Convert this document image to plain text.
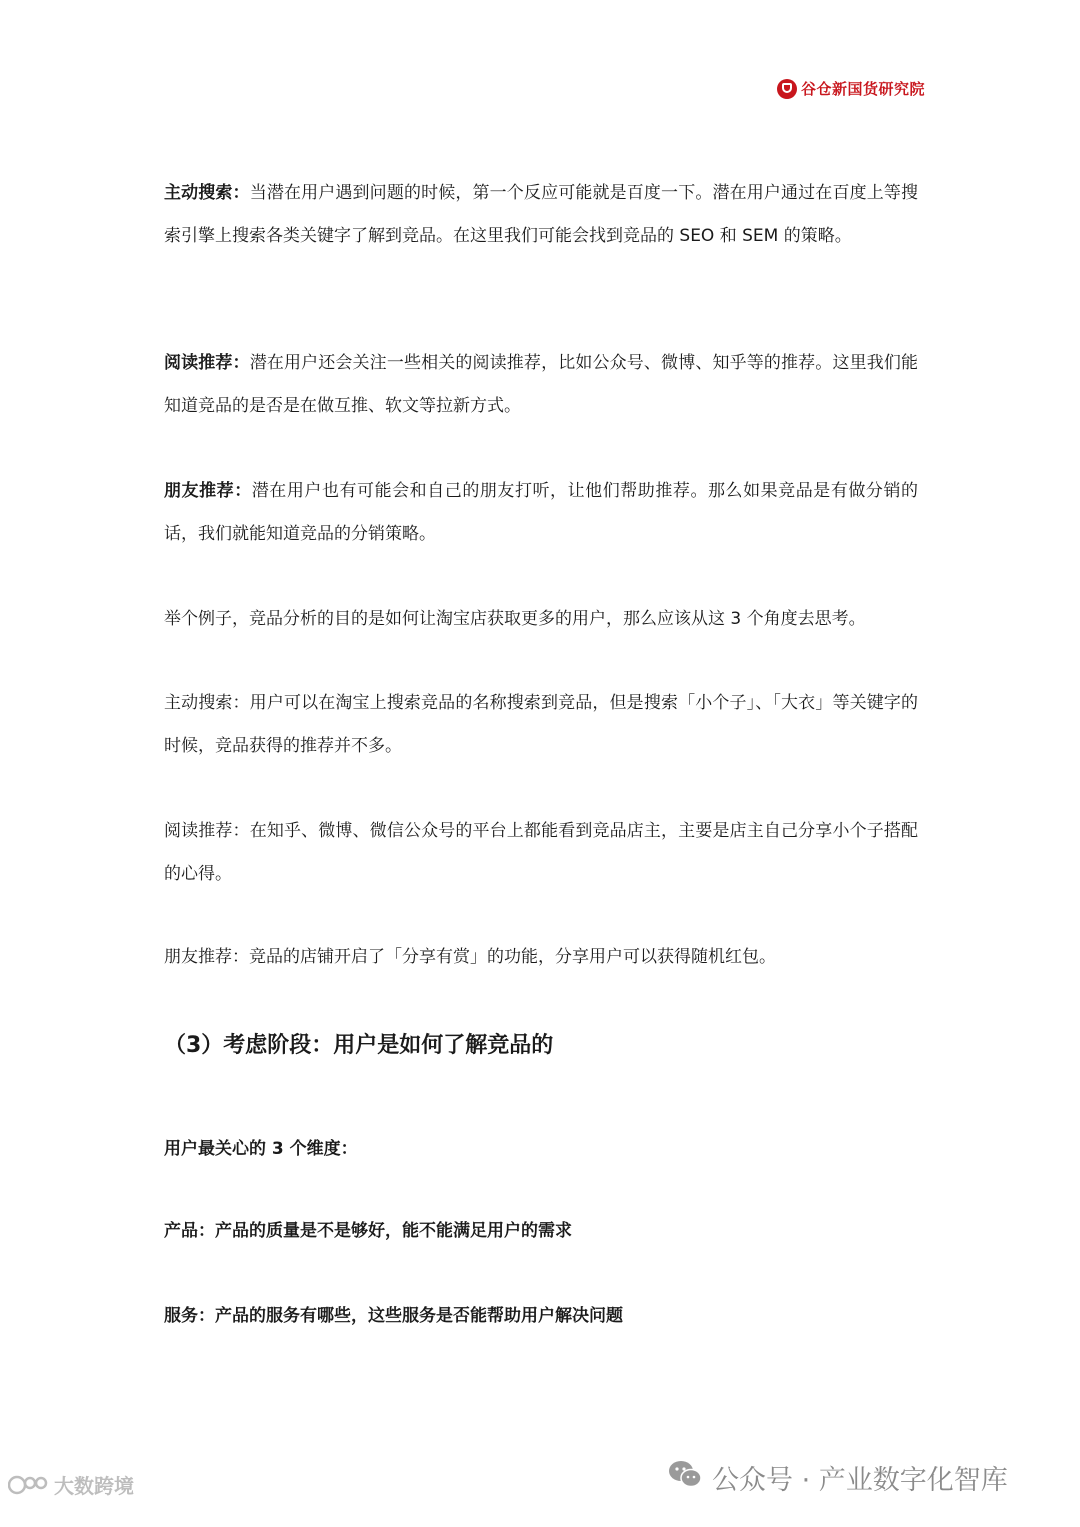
谷仓新国货研究院

主动搜索：当潜在用户遇到问题的时候，第一个反应可能就是百度一下。潜在用户通过在百度上等搜索引擎上搜索各类关键字了解到竞品。在这里我们可能会找到竞品的 SEO 和 SEM 的策略。

阅读推荐：潜在用户还会关注一些相关的阅读推荐，比如公众号、微博、知乎等的推荐。这里我们能知道竞品的是否是在做互推、软文等拉新方式。

朋友推荐：潜在用户也有可能会和自己的朋友打听，让他们帮助推荐。那么如果竞品是有做分销的话，我们就能知道竞品的分销策略。

举个例子，竞品分析的目的是如何让淘宝店获取更多的用户，那么应该从这 3 个角度去思考。

主动搜索：用户可以在淘宝上搜索竞品的名称搜索到竞品，但是搜索「小个子」、「大衣」等关键字的时候，竞品获得的推荐并不多。

阅读推荐：在知乎、微博、微信公众号的平台上都能看到竞品店主，主要是店主自己分享小个子搭配的心得。

朋友推荐：竞品的店铺开启了「分享有赏」的功能，分享用户可以获得随机红包。

（3）考虑阶段：用户是如何了解竞品的

用户最关心的 3 个维度：

产品：产品的质量是不是够好，能不能满足用户的需求

服务：产品的服务有哪些，这些服务是否能帮助用户解决问题

大数跨境	公众号 · 产业数字化智库
